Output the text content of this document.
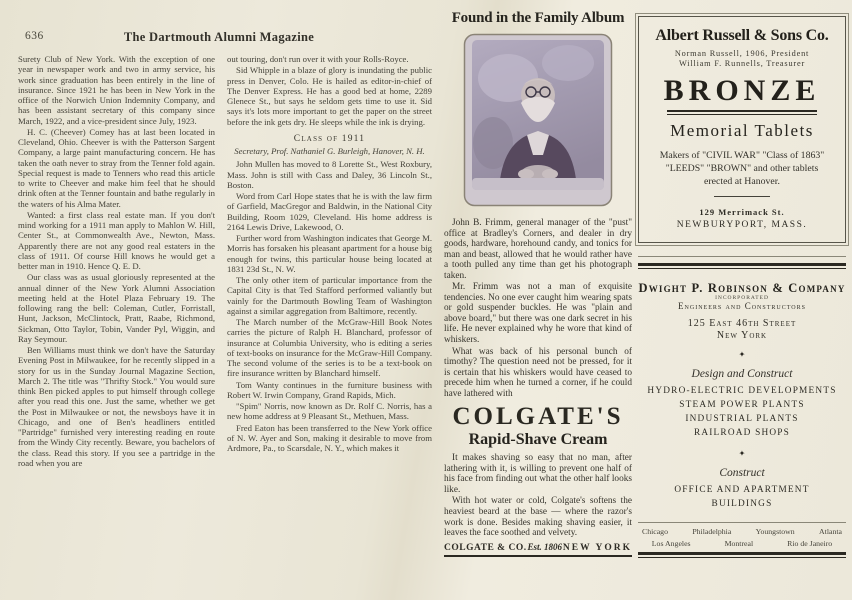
636	The Dartmouth Alumni Magazine

Surety Club of New York. With the exception of one year in newspaper work and two in army service, his work since graduation has been entirely in the line of insurance. Since 1921 he has been in New York in the office of the Norwich Union Indemnity Company, and has been assistant secretary of this company since March, 1922, and a vice-president since July, 1923.

H. C. (Cheever) Comey has at last been located in Cleveland, Ohio. Cheever is with the Patterson Sargent Company, a large paint manufacturing concern. He has taken the oath never to stray from the Tenner fold again. Special request is made to Tenners who read this article to write to Cheever and make him feel that he should drink often at the Tenner fountain and bathe regularly in the waters of his Alma Mater.

Wanted: a first class real estate man. If you don't mind working for a 1911 man apply to Mahlon W. Hill, Center St., at Commonwealth Ave., Newton, Mass. Apparently there are not any good real estaters in the class of 1911. Of course Hill knows he would get a better man in 1910. Hence Q. E. D.

Our class was as usual gloriously represented at the annual dinner of the New York Alumni Association meeting held at the Hotel Plaza February 19. The following rang the bell: Coleman, Cutler, Forristall, Hunt, Jackson, McClintock, Pratt, Raabe, Richmond, Sickman, Otto Taylor, Tobin, Vander Pyl, Wiggin, and Ray Seymour.

Ben Williams must think we don't have the Saturday Evening Post in Milwaukee, for he recently slipped in a story for us in the Sunday Journal Magazine Section, March 2. The title was "Thrifty Stock." You would sure think Ben picked apples to put himself through college after you read this one. Just the same, whether we get the Post in Milwaukee or not, the newsboys have it in Chicago, and one of Ben's headliners entitled "Partridge" furnished very interesting reading en route from the Windy City recently. Beware, you bachelors of the class. Read this story. If you see a partridge in the road when you are

out touring, don't run over it with your Rolls-Royce.

Sid Whipple in a blaze of glory is inundating the public press in Denver, Colo. He is hailed as editor-in-chief of The Denver Express. He has a good bed at home, 2289 Glenece St., but says he seldom gets time to use it. Sid says it's lots more important to get the paper on the street before the ink gets dry. He sleeps while the ink is drying.

Class of 1911
Secretary, Prof. Nathaniel G. Burleigh, Hanover, N. H.

John Mullen has moved to 8 Lorette St., West Roxbury, Mass. John is still with Cass and Daley, 36 Lincoln St., Boston.

Word from Carl Hope states that he is with the law firm of Garfield, MacGregor and Baldwin, in the National City Building, Room 1029, Cleveland. His home address is 2164 Lewis Drive, Lakewood, O.

Further word from Washington indicates that George M. Morris has forsaken his pleasant apartment for a house big enough for twins, this particular house being located at 1831 23d St., N. W.

The only other item of particular importance from the Capital City is that Ted Stafford performed valiantly but vainly for the Dartmouth Bowling Team of Washington against a similar aggregation from Baltimore, recently.

The March number of the McGraw-Hill Book Notes carries the picture of Ralph H. Blanchard, professor of insurance at Columbia University, who is editing a series of text-books on insurance for the McGraw-Hill Company. The second volume of the series is to be a text-book on fire insurance written by Blanchard himself.

Tom Wanty continues in the furniture business with Robert W. Irwin Company, Grand Rapids, Mich.

"Spim" Norris, now known as Dr. Rolf C. Norris, has a new home address at 9 Pleasant St., Methuen, Mass.

Fred Eaton has been transferred to the New York office of N. W. Ayer and Son, making it desirable to move from Ardmore, Pa., to Scarsdale, N. Y., which makes it

Found in the Family Album

John B. Frimm, general manager of the "pust" office at Bradley's Corners, and dealer in dry goods, hardware, horehound candy, and tonics for man and beast, allowed that he would rather have a tooth pulled any time than get his photograph taken.

Mr. Frimm was not a man of exquisite tendencies. No one ever caught him wearing spats or gold suspender buckles. He was "plain and above board," but there was one dark secret in his life. He never explained why he wore that kind of whiskers.

What was back of his personal bunch of timothy? The question need not be pressed, for it is certain that his whiskers would have ceased to precede him when he turned a corner, if he could have lathered with

COLGATE'S
Rapid-Shave Cream

It makes shaving so easy that no man, after lathering with it, is willing to prevent one half of his face from finding out what the other half looks like.

With hot water or cold, Colgate's softens the heaviest beard at the base — where the razor's work is done. Besides making shaving easier, it leaves the face soothed and velvety.

COLGATE & CO. Est. 1806 NEW YORK
Albert Russell & Sons Co.
Norman Russell, 1906, President
William F. Runnells, Treasurer
BRONZE
Memorial Tablets
Makers of "CIVIL WAR" "Class of 1863" "LEEDS" "BROWN" and other tablets erected at Hanover.
129 Merrimack St.
NEWBURYPORT, MASS.
Dwight P. Robinson & Company
INCORPORATED
Engineers and Constructors
125 East 46th Street
New York
✦
Design and Construct
HYDRO-ELECTRIC DEVELOPMENTS
STEAM POWER PLANTS
INDUSTRIAL PLANTS
RAILROAD SHOPS
✦
Construct
OFFICE AND APARTMENT BUILDINGS
Chicago	Philadelphia	Youngstown	Atlanta
Los Angeles	Montreal	Rio de Janeiro
